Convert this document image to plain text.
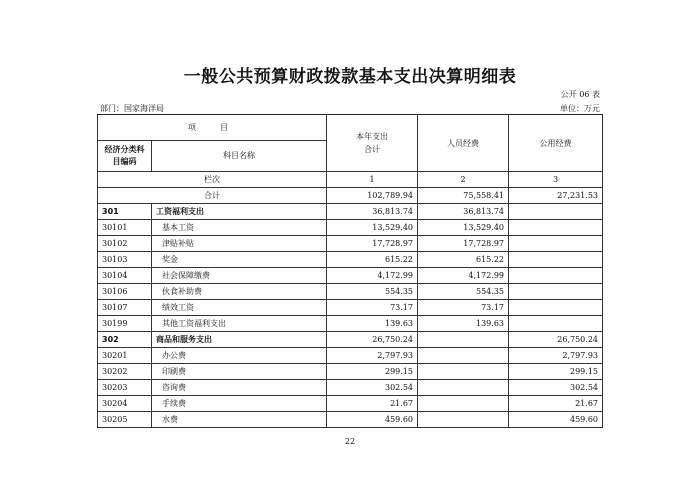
一般公共预算财政拨款基本支出决算明细表
公开 06 表
部门：国家海洋局	单位：万元
项　目		本年支出
合计	人员经费	公用经费
经济分类科目编码	科目名称			
栏次		1	2	3
合计		102,789.94	75,558.41	27,231.53
301	工资福利支出	36,813.74	36,813.74	
30101	基本工资	13,529.40	13,529.40	
30102	津贴补贴	17,728.97	17,728.97	
30103	奖金	615.22	615.22	
30104	社会保障缴费	4,172.99	4,172.99	
30106	伙食补助费	554.35	554.35	
30107	绩效工资	73.17	73.17	
30199	其他工资福利支出	139.63	139.63	
302	商品和服务支出	26,750.24		26,750.24
30201	办公费	2,797.93		2,797.93
30202	印刷费	299.15		299.15
30203	咨询费	302.54		302.54
30204	手续费	21.67		21.67
30205	水费	459.60		459.60
22
